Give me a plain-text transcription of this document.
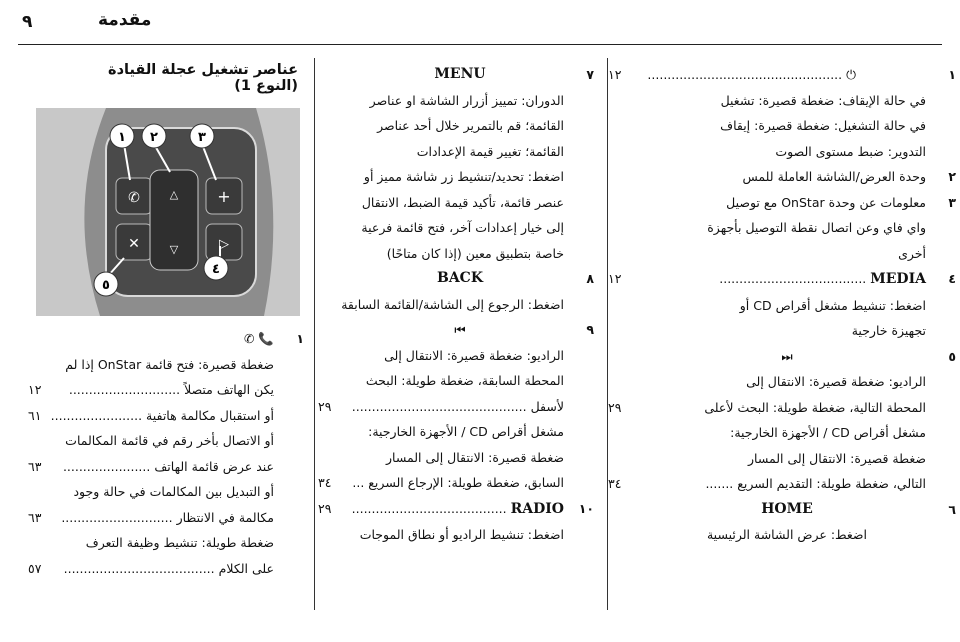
٩	مقدمة
١
⏻ .................................................
١٢
في حالة الإيقاف: ضغطة قصيرة: تشغيل
في حالة التشغيل: ضغطة قصيرة: إيقاف
التدوير: ضبط مستوى الصوت
٢
وحدة العرض/الشاشة العاملة للمس
٣
معلومات عن وحدة OnStar مع توصيل
واي فاي وعن اتصال نقطة التوصيل بأجهزة
أخرى
٤
MEDIA .....................................
١٢
اضغط: تنشيط مشغل أقراص CD أو
تجهيزة خارجية
٥
⏭
الراديو: ضغطة قصيرة: الانتقال إلى
المحطة التالية، ضغطة طويلة: البحث لأعلى
٢٩
مشغل أقراص CD / الأجهزة الخارجية:
ضغطة قصيرة: الانتقال إلى المسار
التالي، ضغطة طويلة: التقديم السريع .......
٣٤
٦
HOME
اضغط: عرض الشاشة الرئيسية
٧
MENU
الدوران: تمييز أزرار الشاشة او عناصر
القائمة؛ قم بالتمرير خلال أحد عناصر
القائمة؛ تغيير قيمة الإعدادات
اضغط: تحديد/تنشيط زر شاشة مميز أو
عنصر قائمة، تأكيد قيمة الضبط، الانتقال
إلى خيار إعدادات آخر، فتح قائمة فرعية
خاصة بتطبيق معين (إذا كان متاحًا)
٨
BACK
اضغط: الرجوع إلى الشاشة/القائمة السابقة
٩
⏮
الراديو: ضغطة قصيرة: الانتقال إلى
المحطة السابقة، ضغطة طويلة: البحث
لأسفل ............................................
٢٩
مشغل أقراص CD / الأجهزة الخارجية:
ضغطة قصيرة: الانتقال إلى المسار
السابق، ضغطة طويلة: الإرجاع السريع ...
٣٤
١٠
RADIO .......................................
٢٩
اضغط: تنشيط الراديو أو نطاق الموجات
عناصر تشغيل عجلة القيادة (النوع 1)
✆
✕
+
▷
△
▽
١ ٢	٣
٤
٥
١
📞 ✆
ضغطة قصيرة: فتح قائمة OnStar إذا لم
يكن الهاتف متصلاً ............................
١٢
أو استقبال مكالمة هاتفية .......................
٦١
أو الاتصال بأخر رقم في قائمة المكالمات
عند عرض قائمة الهاتف ......................
٦٣
أو التبديل بين المكالمات في حالة وجود
مكالمة في الانتظار ............................
٦٣
ضغطة طويلة: تنشيط وظيفة التعرف
على الكلام ......................................
٥٧
